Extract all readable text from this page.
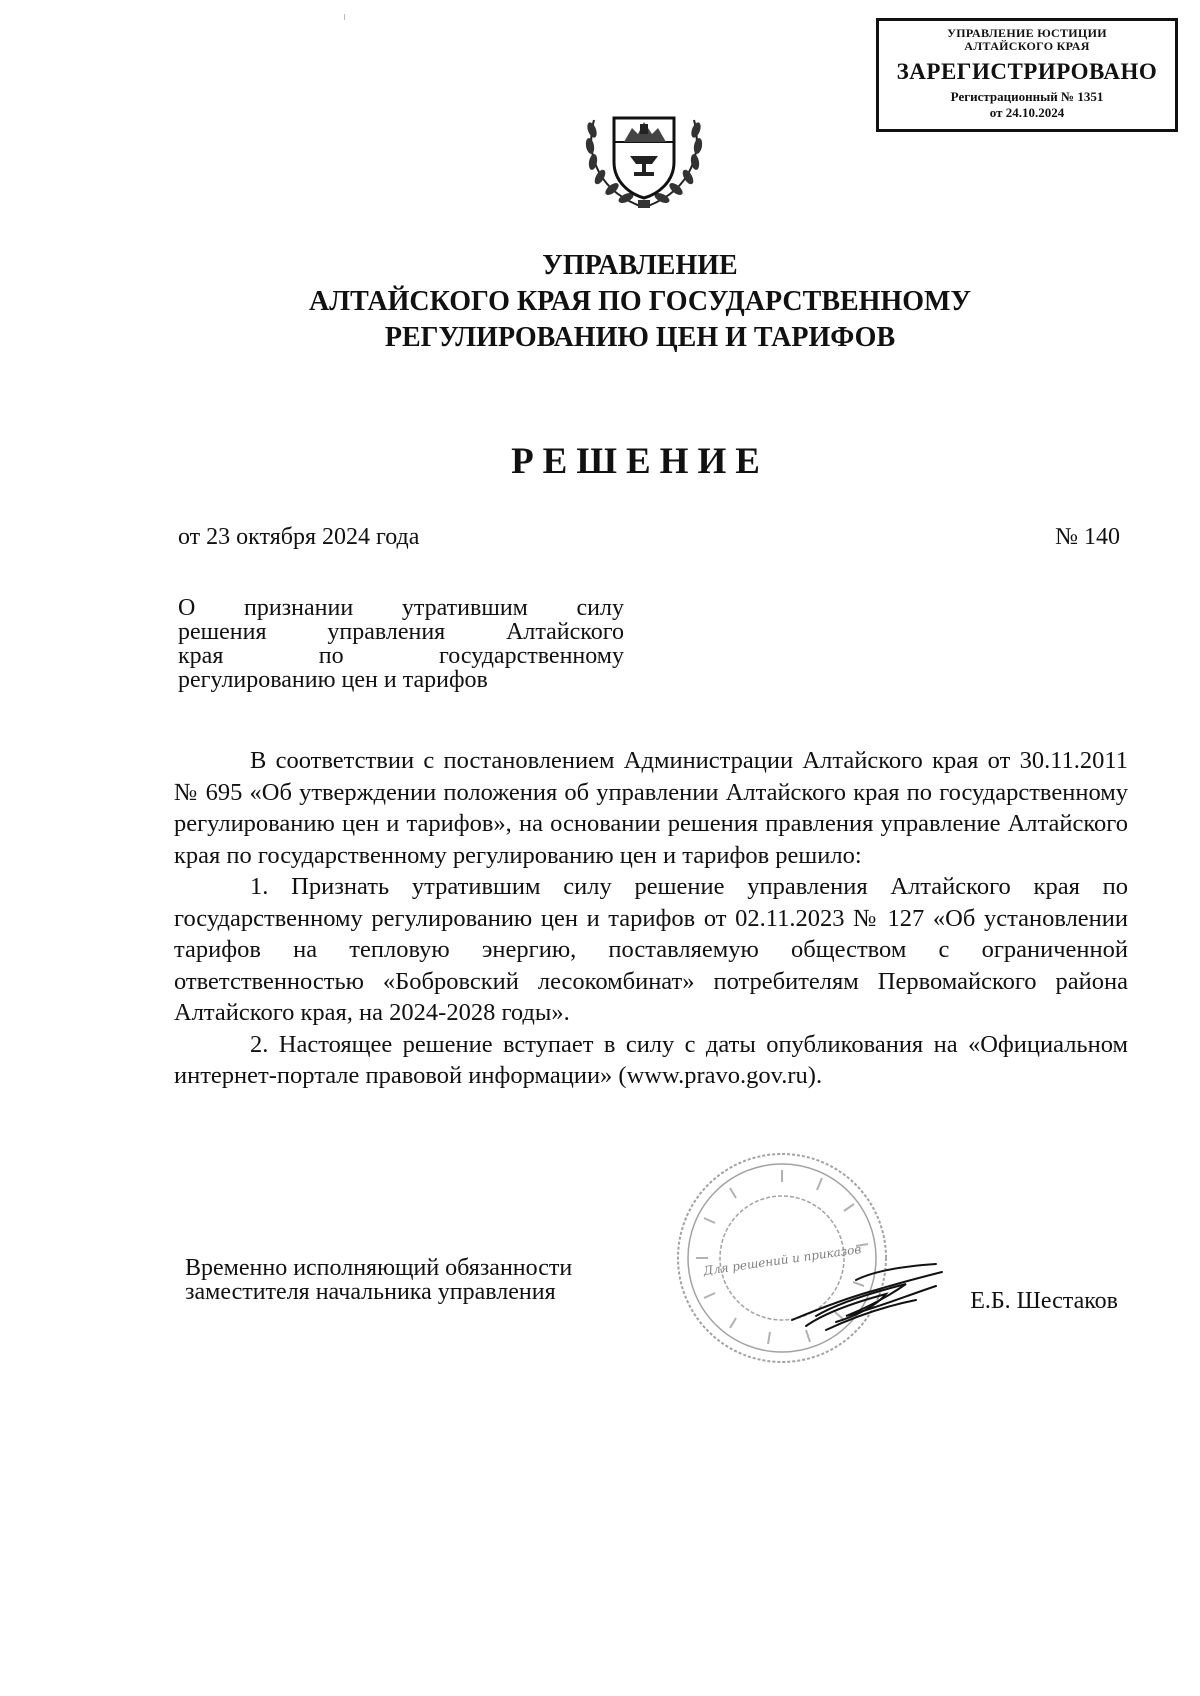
УПРАВЛЕНИЕ ЮСТИЦИИ
АЛТАЙСКОГО КРАЯ
ЗАРЕГИСТРИРОВАНО
Регистрационный № 1351
от 24.10.2024
УПРАВЛЕНИЕ
АЛТАЙСКОГО КРАЯ ПО ГОСУДАРСТВЕННОМУ
РЕГУЛИРОВАНИЮ ЦЕН И ТАРИФОВ
РЕШЕНИЕ
от 23 октября 2024 года	№ 140
О признании утратившим силу
решения управления Алтайского
края по государственному
регулированию цен и тарифов

В соответствии с постановлением Администрации Алтайского края от 30.11.2011 № 695 «Об утверждении положения об управлении Алтайского края по государственному регулированию цен и тарифов», на основании решения правления управление Алтайского края по государственному регулированию цен и тарифов решило:

1. Признать утратившим силу решение управления Алтайского края по государственному регулированию цен и тарифов от 02.11.2023 № 127 «Об установлении тарифов на тепловую энергию, поставляемую обществом с ограниченной ответственностью «Бобровский лесокомбинат» потребителям Первомайского района Алтайского края, на 2024-2028 годы».

2. Настоящее решение вступает в силу с даты опубликования на «Официальном интернет-портале правовой информации» (www.pravo.gov.ru).

Для решений и приказов
Временно исполняющий обязанности
заместителя начальника управления	Е.Б. Шестаков
